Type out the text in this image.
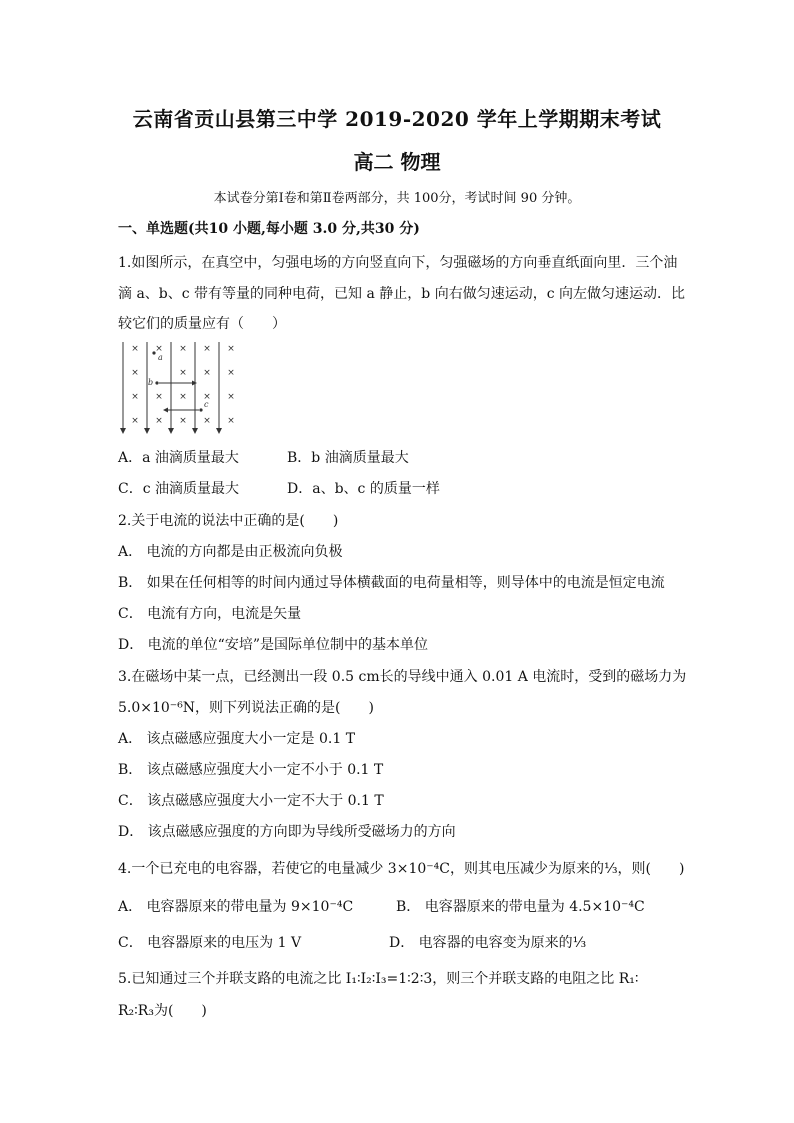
云南省贡山县第三中学 2019-2020 学年上学期期末考试
高二 物理
本试卷分第Ⅰ卷和第Ⅱ卷两部分，共 100分，考试时间 90 分钟。
一、单选题(共10 小题,每小题 3.0 分,共30 分)
1.如图所示，在真空中，匀强电场的方向竖直向下，匀强磁场的方向垂直纸面向里．三个油
滴 a、b、c 带有等量的同种电荷，已知 a 静止，b 向右做匀速运动，c 向左做匀速运动．比
较它们的质量应有（　　）
× × × × ×
×	× × ×
× × × × ×
× × × × ×
a
b
c
A．a 油滴质量最大	B．b 油滴质量最大
C．c 油滴质量最大	D．a、b、c 的质量一样
2.关于电流的说法中正确的是(　　)
A． 电流的方向都是由正极流向负极
B． 如果在任何相等的时间内通过导体横截面的电荷量相等，则导体中的电流是恒定电流
C． 电流有方向，电流是矢量
D． 电流的单位“安培”是国际单位制中的基本单位
3.在磁场中某一点，已经测出一段 0.5 cm长的导线中通入 0.01 A 电流时，受到的磁场力为
5.0×10⁻⁶N，则下列说法正确的是(　　)
A． 该点磁感应强度大小一定是 0.1 T
B． 该点磁感应强度大小一定不小于 0.1 T
C． 该点磁感应强度大小一定不大于 0.1 T
D． 该点磁感应强度的方向即为导线所受磁场力的方向
4.一个已充电的电容器，若使它的电量减少 3×10⁻⁴C，则其电压减少为原来的⅓，则(　　)
A． 电容器原来的带电量为 9×10⁻⁴C	B． 电容器原来的带电量为 4.5×10⁻⁴C
C． 电容器原来的电压为 1 V	D． 电容器的电容变为原来的⅓
5.已知通过三个并联支路的电流之比 I₁∶I₂∶I₃=1∶2∶3，则三个并联支路的电阻之比 R₁∶
R₂∶R₃为(　　)
